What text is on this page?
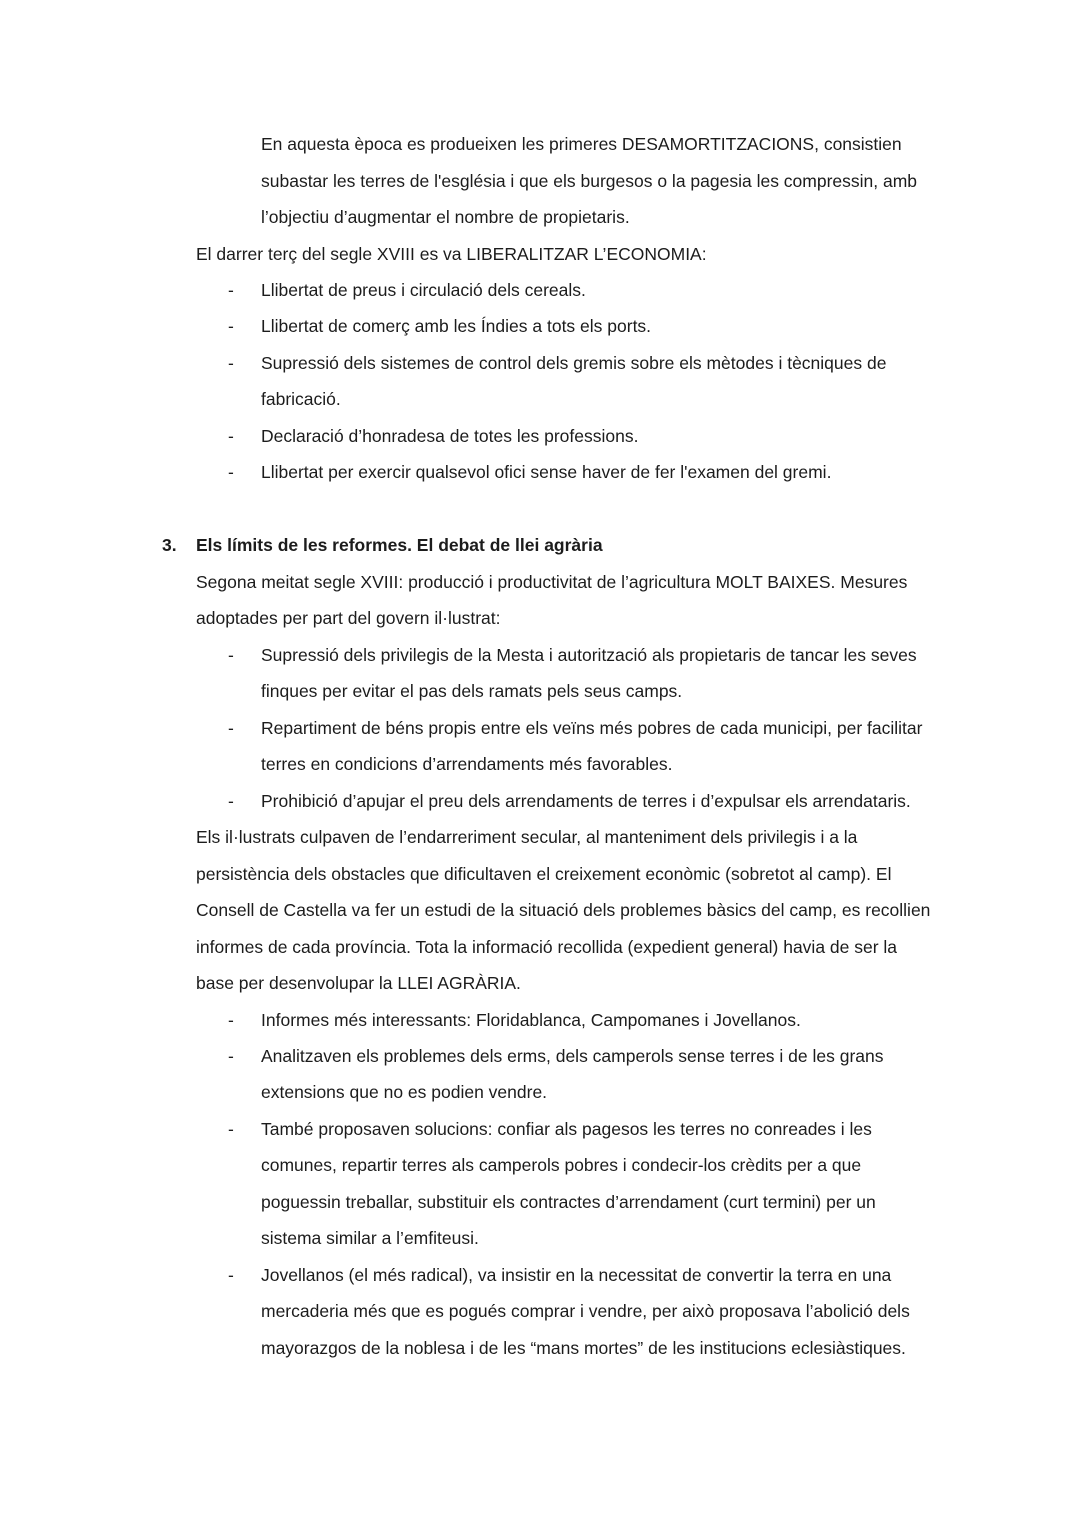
En aquesta època es produeixen les primeres DESAMORTITZACIONS, consistien
subastar les terres de l'església i que els burgesos o la pagesia les compressin, amb
l’objectiu d’augmentar el nombre de propietaris.
El darrer terç del segle XVIII es va LIBERALITZAR L’ECONOMIA:
- Llibertat de preus i circulació dels cereals.
- Llibertat de comerç amb les Índies a tots els ports.
- Supressió dels sistemes de control dels gremis sobre els mètodes i tècniques de
fabricació.
- Declaració d’honradesa de totes les professions.
- Llibertat per exercir qualsevol ofici sense haver de fer l'examen del gremi.
3. Els límits de les reformes. El debat de llei agrària
Segona meitat segle XVIII: producció i productivitat de l’agricultura MOLT BAIXES. Mesures
adoptades per part del govern il·lustrat:
- Supressió dels privilegis de la Mesta i autorització als propietaris de tancar les seves
finques per evitar el pas dels ramats pels seus camps.
- Repartiment de béns propis entre els veïns més pobres de cada municipi, per facilitar
terres en condicions d’arrendaments més favorables.
- Prohibició d’apujar el preu dels arrendaments de terres i d’expulsar els arrendataris.
Els il·lustrats culpaven de l’endarreriment secular, al manteniment dels privilegis i a la
persistència dels obstacles que dificultaven el creixement econòmic (sobretot al camp). El
Consell de Castella va fer un estudi de la situació dels problemes bàsics del camp, es recollien
informes de cada província. Tota la informació recollida (expedient general) havia de ser la
base per desenvolupar la LLEI AGRÀRIA.
- Informes més interessants: Floridablanca, Campomanes i Jovellanos.
- Analitzaven els problemes dels erms, dels camperols sense terres i de les grans
extensions que no es podien vendre.
- També proposaven solucions: confiar als pagesos les terres no conreades i les
comunes, repartir terres als camperols pobres i condecir-los crèdits per a que
poguessin treballar, substituir els contractes d’arrendament (curt termini) per un
sistema similar a l’emfiteusi.
- Jovellanos (el més radical), va insistir en la necessitat de convertir la terra en una
mercaderia més que es pogués comprar i vendre, per això proposava l’abolició dels
mayorazgos de la noblesa i de les “mans mortes” de les institucions eclesiàstiques.
